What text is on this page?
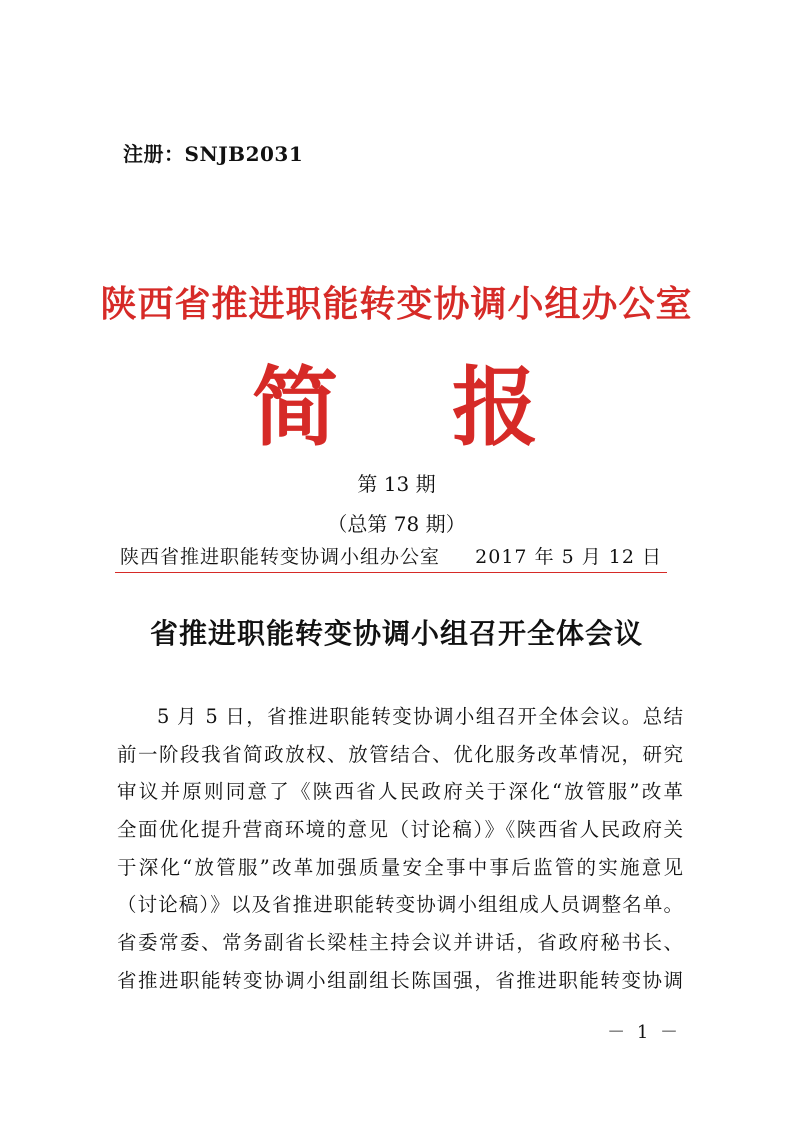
注册：SNJB2031
陕西省推进职能转变协调小组办公室
简 报
第 13 期
（总第 78 期）
陕西省推进职能转变协调小组办公室 2017 年 5 月 12 日
省推进职能转变协调小组召开全体会议
5 月 5 日，省推进职能转变协调小组召开全体会议。总结
前一阶段我省简政放权、放管结合、优化服务改革情况，研究
审议并原则同意了《陕西省人民政府关于深化“放管服”改革
全面优化提升营商环境的意见（讨论稿）》《陕西省人民政府关
于深化“放管服”改革加强质量安全事中事后监管的实施意见
（讨论稿）》以及省推进职能转变协调小组组成人员调整名单。
省委常委、常务副省长梁桂主持会议并讲话，省政府秘书长、
省推进职能转变协调小组副组长陈国强，省推进职能转变协调
－ 1 －
